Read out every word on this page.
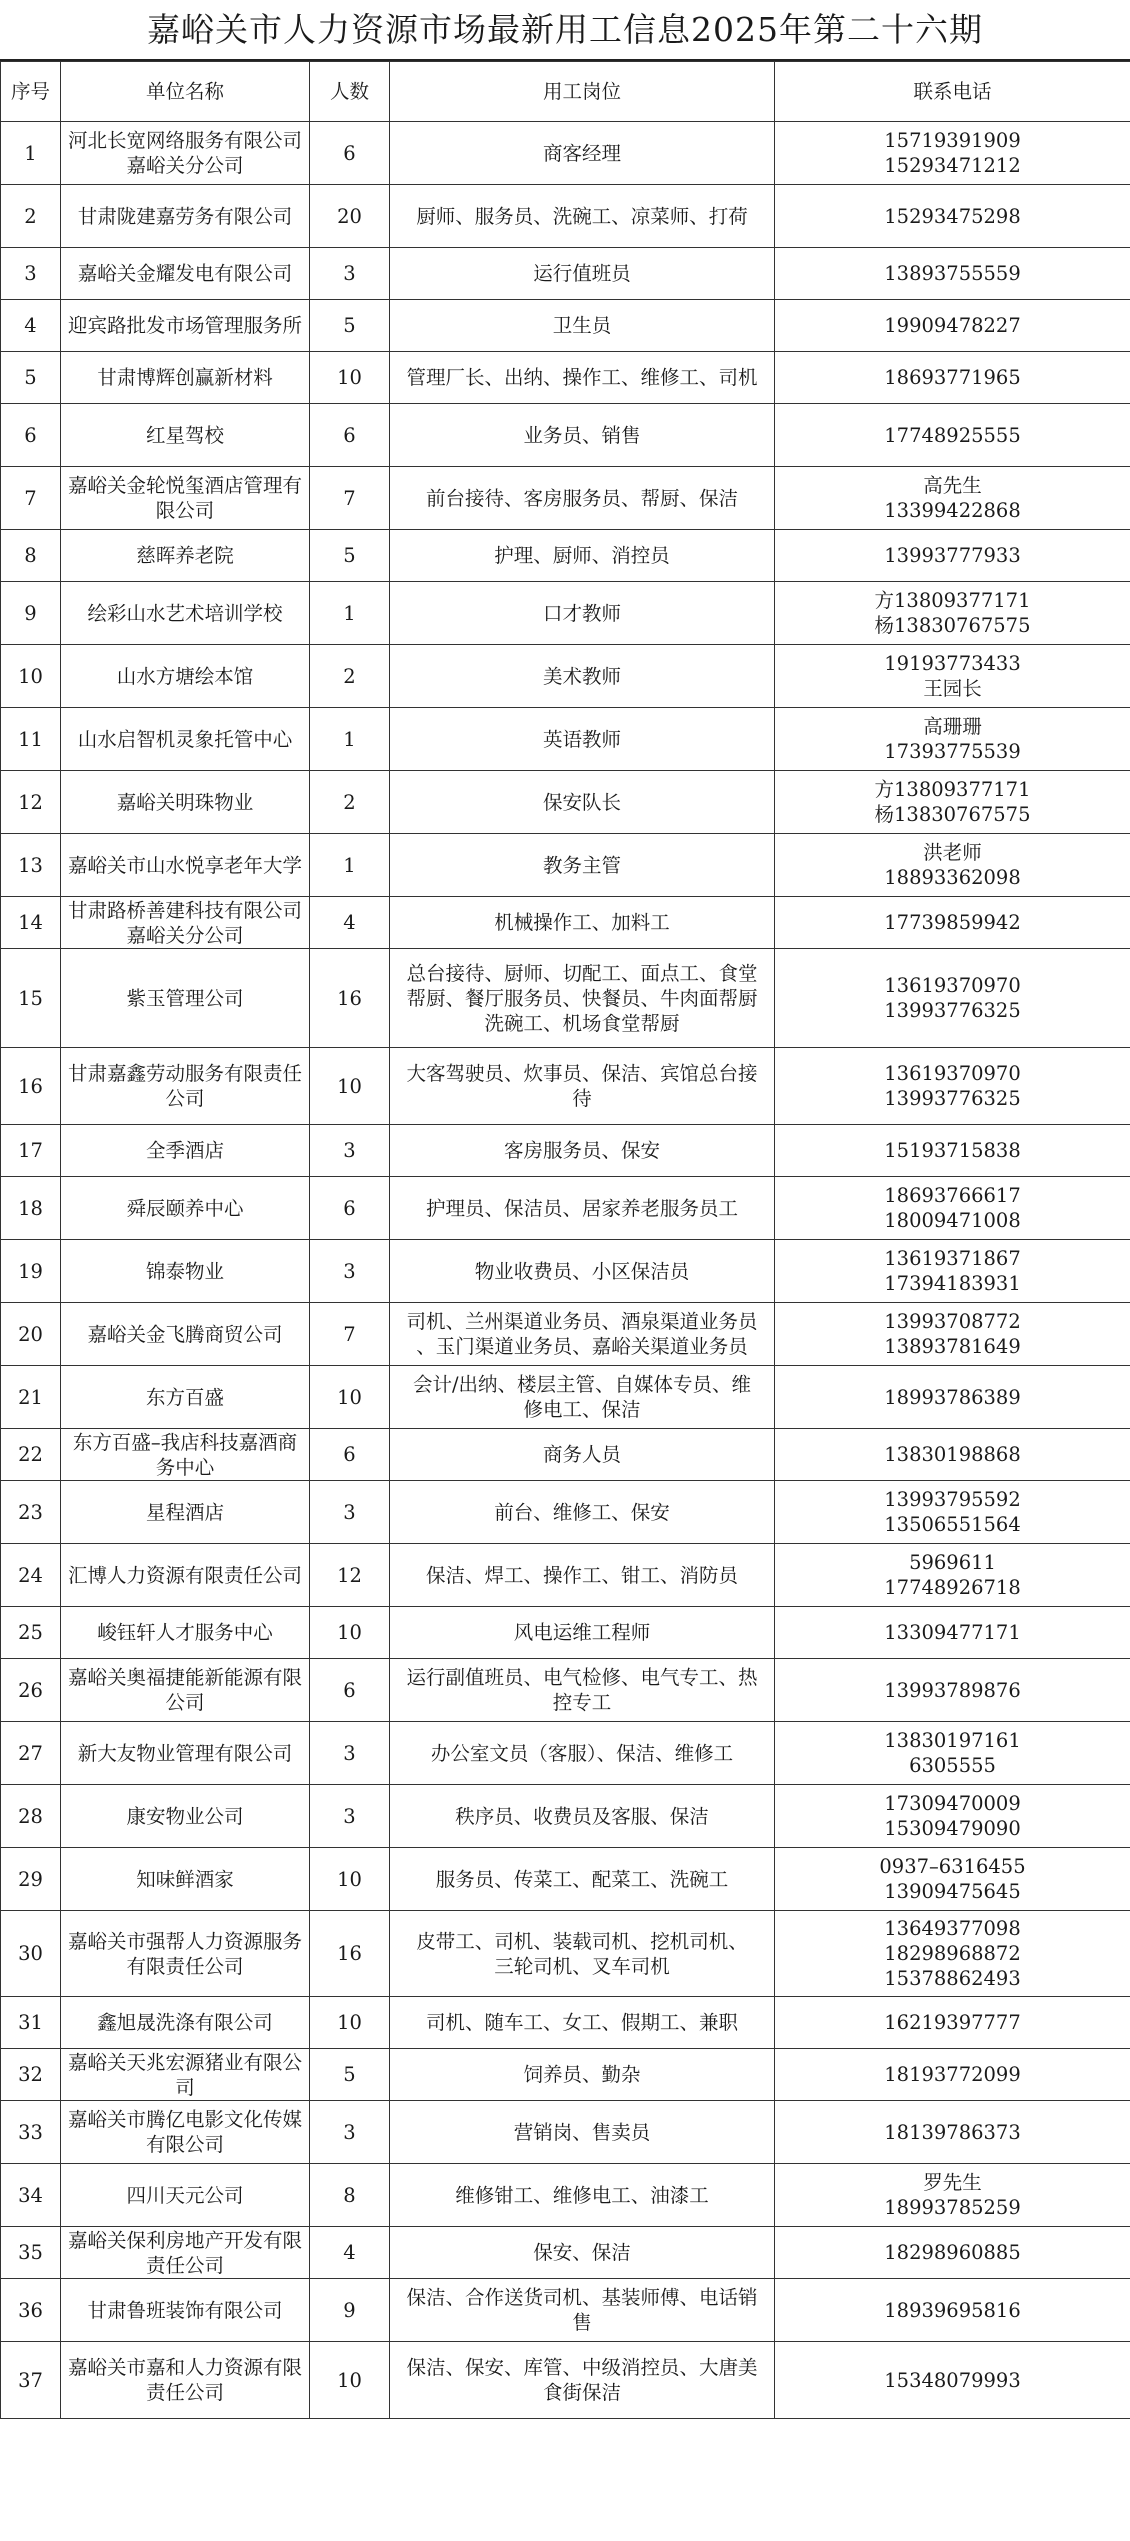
嘉峪关市人力资源市场最新用工信息2025年第二十六期
序号	单位名称	人数	用工岗位	联系电话
1	河北长宽网络服务有限公司嘉峪关分公司	6	商客经理	15719391909
15293471212

2	甘肃陇建嘉劳务有限公司	20	厨师、服务员、洗碗工、凉菜师、打荷	15293475298

3	嘉峪关金耀发电有限公司	3	运行值班员	13893755559

4	迎宾路批发市场管理服务所	5	卫生员	19909478227

5	甘肃博辉创赢新材料	10	管理厂长、出纳、操作工、维修工、司机	18693771965

6	红星驾校	6	业务员、销售	17748925555

7	嘉峪关金轮悦玺酒店管理有限公司	7	前台接待、客房服务员、帮厨、保洁	高先生
13399422868

8	慈晖养老院	5	护理、厨师、消控员	13993777933

9	绘彩山水艺术培训学校	1	口才教师	方13809377171
杨13830767575

10	山水方塘绘本馆	2	美术教师	19193773433
王园长

11	山水启智机灵象托管中心	1	英语教师	高珊珊
17393775539

12	嘉峪关明珠物业	2	保安队长	方13809377171
杨13830767575

13	嘉峪关市山水悦享老年大学	1	教务主管	洪老师
18893362098

14	甘肃路桥善建科技有限公司嘉峪关分公司	4	机械操作工、加料工	17739859942

15	紫玉管理公司	16	总台接待、厨师、切配工、面点工、食堂
帮厨、餐厅服务员、快餐员、牛肉面帮厨
洗碗工、机场食堂帮厨	13619370970
13993776325

16	甘肃嘉鑫劳动服务有限责任公司	10	大客驾驶员、炊事员、保洁、宾馆总台接
待	13619370970
13993776325

17	全季酒店	3	客房服务员、保安	15193715838

18	舜辰颐养中心	6	护理员、保洁员、居家养老服务员工	18693766617
18009471008

19	锦泰物业	3	物业收费员、小区保洁员	13619371867
17394183931

20	嘉峪关金飞腾商贸公司	7	司机、兰州渠道业务员、酒泉渠道业务员
、玉门渠道业务员、嘉峪关渠道业务员	13993708772
13893781649

21	东方百盛	10	会计/出纳、楼层主管、自媒体专员、维
修电工、保洁	18993786389

22	东方百盛–我店科技嘉酒商务中心	6	商务人员	13830198868

23	星程酒店	3	前台、维修工、保安	13993795592
13506551564

24	汇博人力资源有限责任公司	12	保洁、焊工、操作工、钳工、消防员	5969611
17748926718

25	峻钰轩人才服务中心	10	风电运维工程师	13309477171

26	嘉峪关奥福捷能新能源有限公司	6	运行副值班员、电气检修、电气专工、热
控专工	13993789876

27	新大友物业管理有限公司	3	办公室文员（客服）、保洁、维修工	13830197161
6305555

28	康安物业公司	3	秩序员、收费员及客服、保洁	17309470009
15309479090

29	知味鲜酒家	10	服务员、传菜工、配菜工、洗碗工	0937–6316455
13909475645

30	嘉峪关市强帮人力资源服务有限责任公司	16	皮带工、司机、装载司机、挖机司机、
三轮司机、叉车司机	13649377098
18298968872
15378862493

31	鑫旭晟洗涤有限公司	10	司机、随车工、女工、假期工、兼职	16219397777

32	嘉峪关天兆宏源猪业有限公司	5	饲养员、勤杂	18193772099

33	嘉峪关市腾亿电影文化传媒有限公司	3	营销岗、售卖员	18139786373

34	四川天元公司	8	维修钳工、维修电工、油漆工	罗先生
18993785259

35	嘉峪关保利房地产开发有限责任公司	4	保安、保洁	18298960885

36	甘肃鲁班装饰有限公司	9	保洁、合作送货司机、基装师傅、电话销
售	18939695816

37	嘉峪关市嘉和人力资源有限责任公司	10	保洁、保安、库管、中级消控员、大唐美
食街保洁	15348079993
